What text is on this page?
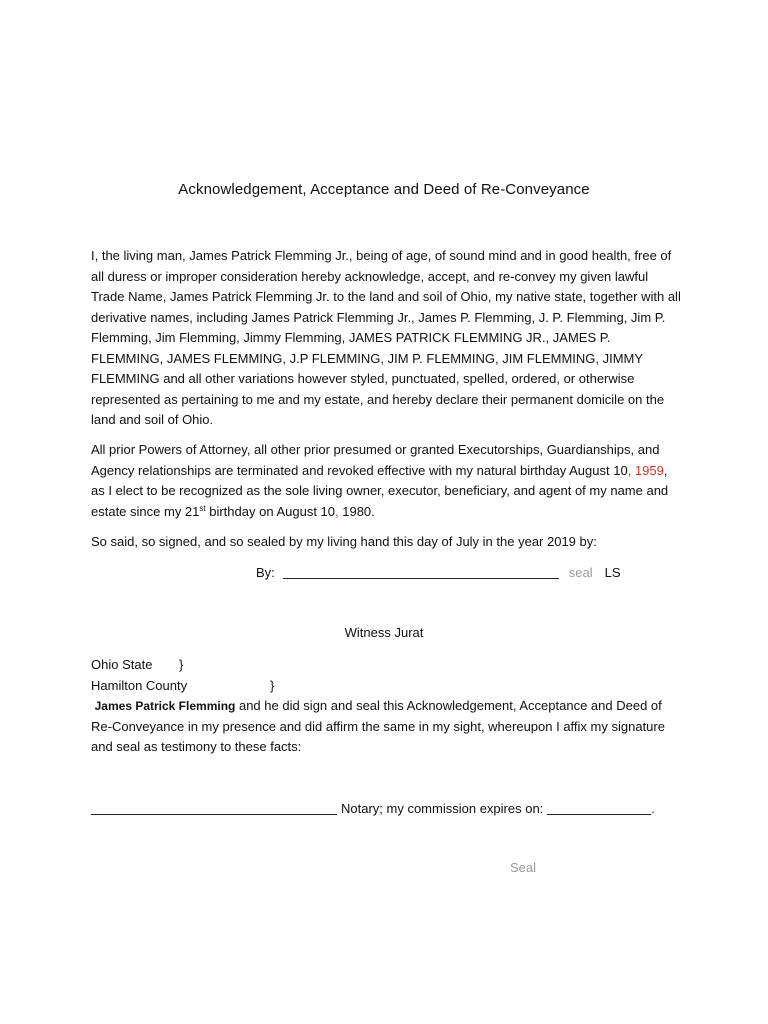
Acknowledgement, Acceptance and Deed of Re-Conveyance
I, the living man, James Patrick Flemming Jr., being of age, of sound mind and in good health, free of all duress or improper consideration hereby acknowledge, accept, and re-convey my given lawful Trade Name, James Patrick Flemming Jr. to the land and soil of Ohio, my native state, together with all derivative names, including James Patrick Flemming Jr., James P. Flemming, J. P. Flemming, Jim P. Flemming, Jim Flemming, Jimmy Flemming, JAMES PATRICK FLEMMING JR., JAMES P. FLEMMING, JAMES FLEMMING, J.P FLEMMING, JIM P. FLEMMING, JIM FLEMMING, JIMMY FLEMMING and all other variations however styled, punctuated, spelled, ordered, or otherwise represented as pertaining to me and my estate, and hereby declare their permanent domicile on the land and soil of Ohio.
All prior Powers of Attorney, all other prior presumed or granted Executorships, Guardianships, and Agency relationships are terminated and revoked effective with my natural birthday August 10, 1959, as I elect to be recognized as the sole living owner, executor, beneficiary, and agent of my name and estate since my 21st birthday on August 10, 1980.
So said, so signed, and so sealed by my living hand this day of July in the year 2019 by:
By:	seal LS
Witness Jurat
Ohio State }
Hamilton County	}
James Patrick Flemming and he did sign and seal this Acknowledgement, Acceptance and Deed of Re-Conveyance in my presence and did affirm the same in my sight, whereupon I affix my signature and seal as testimony to these facts:
Notary; my commission expires on:	.
Seal
